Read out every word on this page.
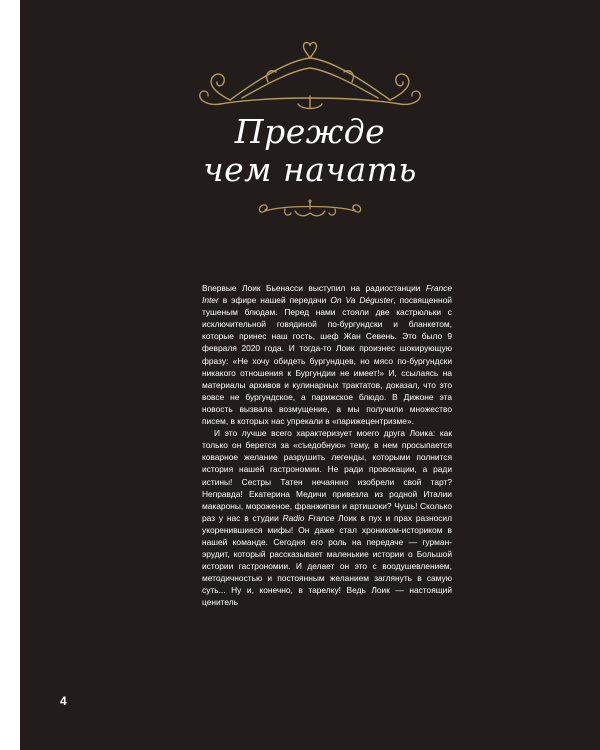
Прежде
чем начать

Впервые Лоик Бьенасси выступил на радиостанции France Inter в эфире нашей передачи On Va Déguster, посвященной тушеным блюдам. Перед нами стояли две кастрюльки с исключительной говядиной по-бургундски и бланкетом, которые принес наш гость, шеф Жан Севень. Это было 9 февраля 2020 года. И тогда-то Лоик произнес шокирующую фразу: «Не хочу обидеть бургундцев, но мясо по-бургундски никакого отношения к Бургундии не имеет!» И, ссылаясь на материалы архивов и кулинарных трактатов, доказал, что это вовсе не бургундское, а парижское блюдо. В Дижоне эта новость вызвала возмущение, а мы получили множество писем, в которых нас упрекали в «парижецентризме».

И это лучше всего характеризует моего друга Лоика: как только он берется за «съедобную» тему, в нем просыпается коварное желание разрушить легенды, которыми полнится история нашей гастрономии. Не ради провокации, а ради истины! Сестры Татен нечаянно изобрели свой тарт? Неправда! Екатерина Медичи привезла из родной Италии макароны, мороженое, франжипан и артишоки? Чушь! Сколько раз у нас в студии Radio France Лоик в пух и прах разносил укоренившиеся мифы! Он даже стал хроником-историком в нашей команде. Сегодня его роль на передаче — гурман-эрудит, который рассказывает маленькие истории о Большой истории гастрономии. И делает он это с воодушевлением, методичностью и постоянным желанием заглянуть в самую суть... Ну и, конечно, в тарелку! Ведь Лоик — настоящий ценитель

4
